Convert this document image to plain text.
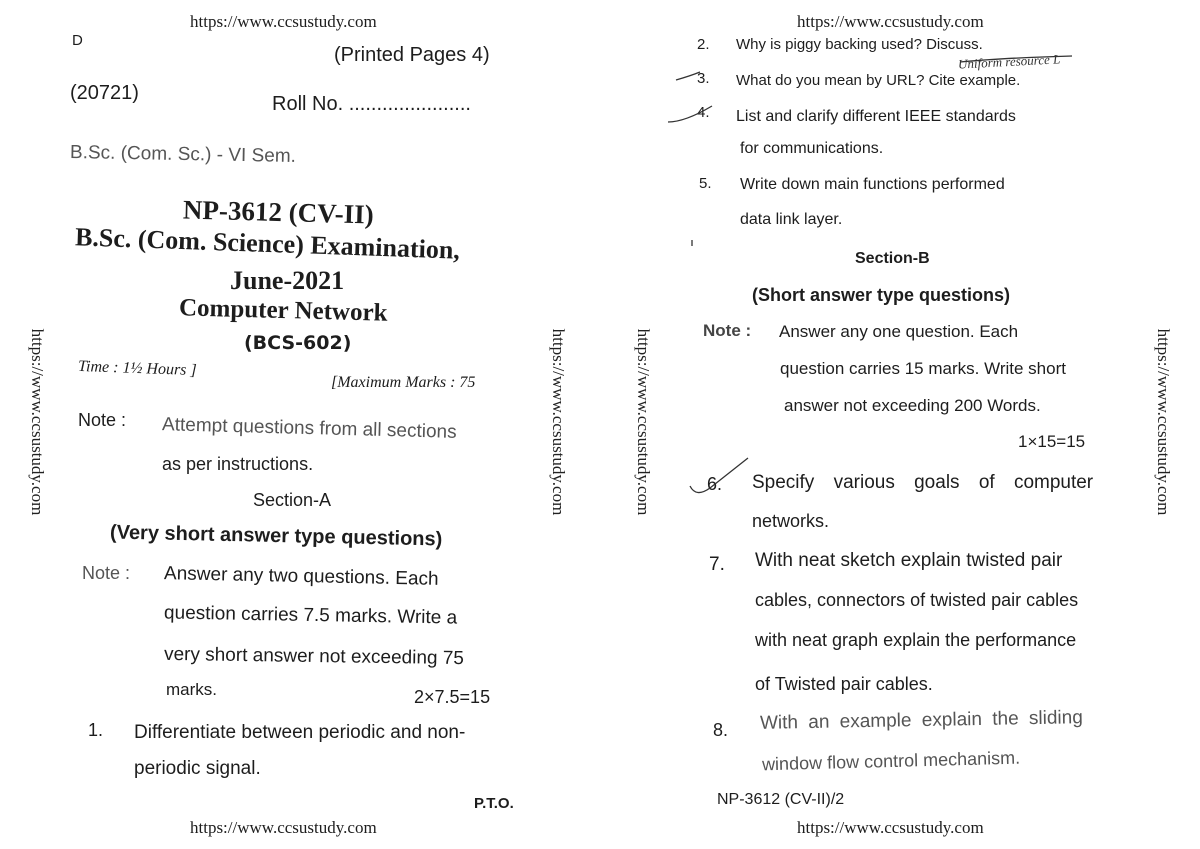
https://www.ccsustudy.com
https://www.ccsustudy.com
https://www.ccsustudy.com
https://www.ccsustudy.com
https://www.ccsustudy.com	https://www.ccsustudy.com	https://www.ccsustudy.com	https://www.ccsustudy.com
D
(Printed Pages 4)
(20721)	Roll No. ......................
B.Sc. (Com. Sc.) - VI Sem.
NP-3612 (CV-II)
B.Sc. (Com. Science) Examination,
June-2021
Computer Network
(BCS-602)
Time : 1½ Hours ]
[Maximum Marks : 75
Note : Attempt questions from all sections
as per instructions.
Section-A
(Very short answer type questions)
Note : Answer any two questions. Each
question carries 7.5 marks. Write a
very short answer not exceeding 75
marks.	2×7.5=15
1. Differentiate between periodic and non-
periodic signal.
P.T.O.
2. Why is piggy backing used? Discuss.
Uniform resource L
3. What do you mean by URL? Cite example.
4. List and clarify different IEEE standards
for communications.
5. Write down main functions performed
data link layer.
Section-B
(Short answer type questions)
Note : Answer any one question. Each
question carries 15 marks. Write short
answer not exceeding 200 Words.
1×15=15
6. Specify various goals of computer
networks.
7. With neat sketch explain twisted pair
cables, connectors of twisted pair cables
with neat graph explain the performance
of Twisted pair cables.
8. With an example explain the sliding
window flow control mechanism.
NP-3612 (CV-II)/2
